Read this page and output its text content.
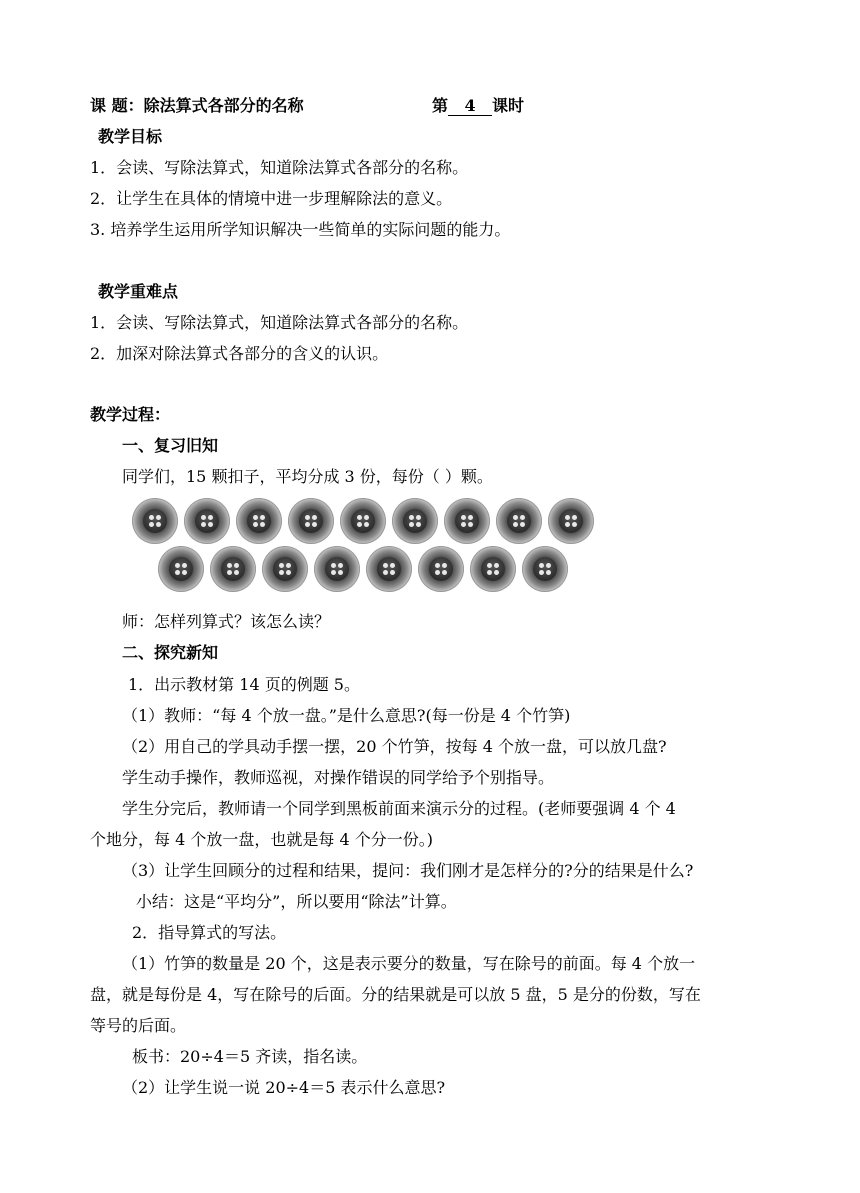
课 题：除法算式各部分的名称	第 4 课时
教学目标
1．会读、写除法算式，知道除法算式各部分的名称。
2．让学生在具体的情境中进一步理解除法的意义。
3. 培养学生运用所学知识解决一些简单的实际问题的能力。
教学重难点
1．会读、写除法算式，知道除法算式各部分的名称。
2．加深对除法算式各部分的含义的认识。
教学过程：
一、复习旧知
同学们，15 颗扣子，平均分成 3 份，每份（ ）颗。
师：怎样列算式？该怎么读？
二、探究新知
1．出示教材第 14 页的例题 5。
（1）教师：“每 4 个放一盘。”是什么意思?(每一份是 4 个竹笋)
（2）用自己的学具动手摆一摆，20 个竹笋，按每 4 个放一盘，可以放几盘?
学生动手操作，教师巡视，对操作错误的同学给予个别指导。
学生分完后，教师请一个同学到黑板前面来演示分的过程。(老师要强调 4 个 4
个地分，每 4 个放一盘，也就是每 4 个分一份。)
（3）让学生回顾分的过程和结果，提问：我们刚才是怎样分的?分的结果是什么?
小结：这是“平均分”，所以要用“除法”计算。
2．指导算式的写法。
（1）竹笋的数量是 20 个，这是表示要分的数量，写在除号的前面。每 4 个放一
盘，就是每份是 4，写在除号的后面。分的结果就是可以放 5 盘，5 是分的份数，写在
等号的后面。
板书：20÷4＝5 齐读，指名读。
（2）让学生说一说 20÷4＝5 表示什么意思?
